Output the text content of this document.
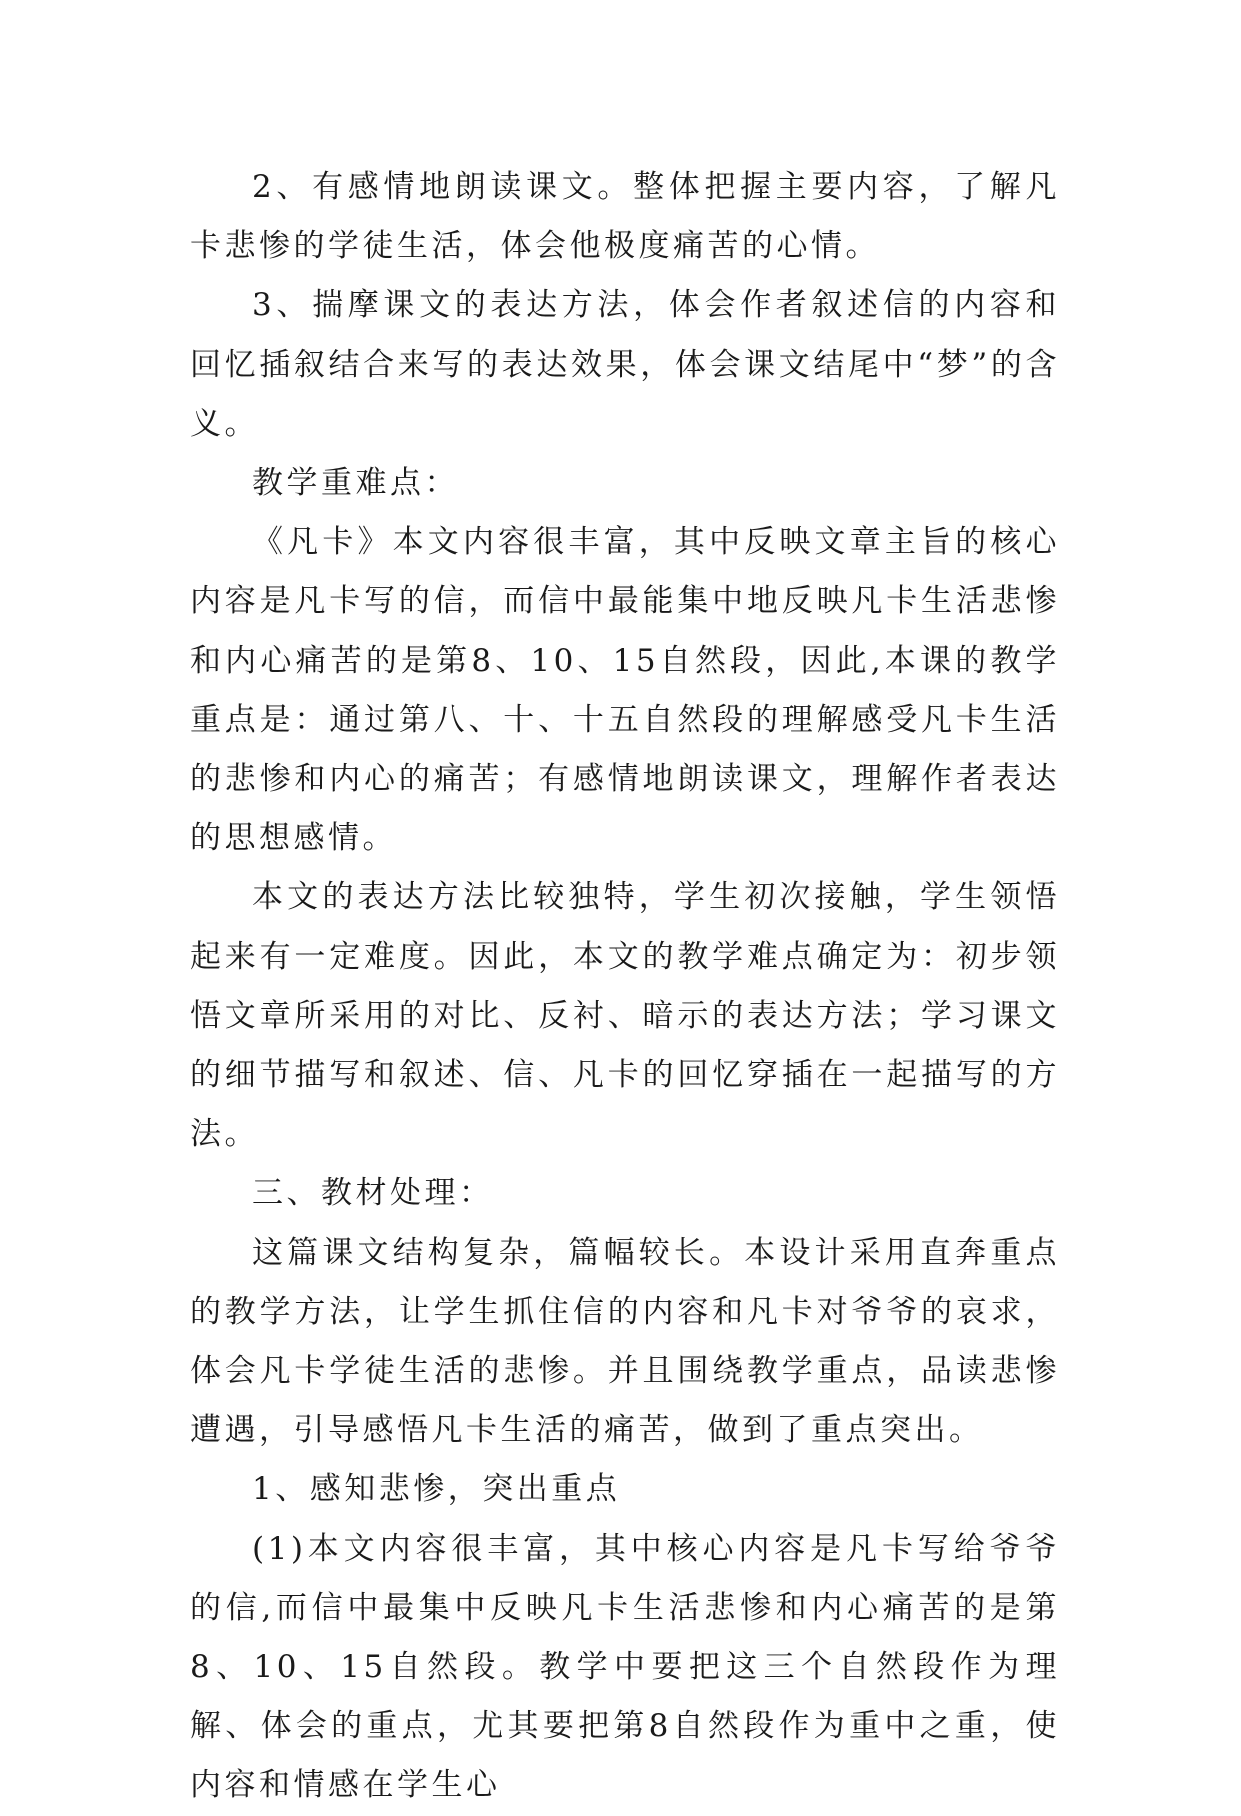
2、有感情地朗读课文。整体把握主要内容，了解凡卡悲惨的学徒生活，体会他极度痛苦的心情。

3、揣摩课文的表达方法，体会作者叙述信的内容和回忆插叙结合来写的表达效果，体会课文结尾中“梦”的含义。

教学重难点：

《凡卡》本文内容很丰富，其中反映文章主旨的核心内容是凡卡写的信，而信中最能集中地反映凡卡生活悲惨和内心痛苦的是第8、10、15自然段，因此,本课的教学重点是：通过第八、十、十五自然段的理解感受凡卡生活的悲惨和内心的痛苦；有感情地朗读课文，理解作者表达的思想感情。

本文的表达方法比较独特，学生初次接触，学生领悟起来有一定难度。因此，本文的教学难点确定为：初步领悟文章所采用的对比、反衬、暗示的表达方法；学习课文的细节描写和叙述、信、凡卡的回忆穿插在一起描写的方法。

三、教材处理：

这篇课文结构复杂，篇幅较长。本设计采用直奔重点的教学方法，让学生抓住信的内容和凡卡对爷爷的哀求，体会凡卡学徒生活的悲惨。并且围绕教学重点，品读悲惨遭遇，引导感悟凡卡生活的痛苦，做到了重点突出。

1、感知悲惨，突出重点

(1)本文内容很丰富，其中核心内容是凡卡写给爷爷的信,而信中最集中反映凡卡生活悲惨和内心痛苦的是第8、10、15自然段。教学中要把这三个自然段作为理解、体会的重点，尤其要把第8自然段作为重中之重，使内容和情感在学生心
